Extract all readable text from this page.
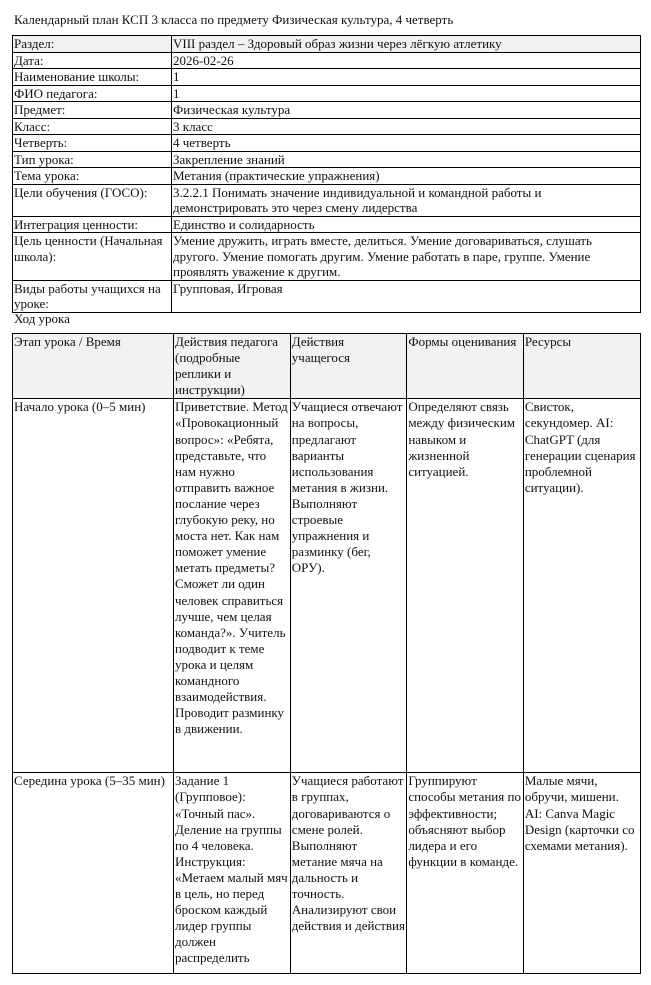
Календарный план КСП 3 класса по предмету Физическая культура, 4 четверть
Раздел:	VIII раздел – Здоровый образ жизни через лёгкую атлетику
Дата:	2026-02-26
Наименование школы:	1
ФИО педагога:	1
Предмет:	Физическая культура
Класс:	3 класс
Четверть:	4 четверть
Тип урока:	Закрепление знаний
Тема урока:	Метания (практические упражнения)
Цели обучения (ГОСО):	3.2.2.1 Понимать значение индивидуальной и командной работы и демонстрировать это через смену лидерства
Интеграция ценности:	Единство и солидарность
Цель ценности (Начальная школа):	Умение дружить, играть вместе, делиться. Умение договариваться, слушать другого. Умение помогать другим. Умение работать в паре, группе. Умение проявлять уважение к другим.
Виды работы учащихся на уроке:	Групповая, Игровая
Ход урока
Этап урока / Время	Действия педагога (подробные реплики и инструкции)	Действия учащегося	Формы оценивания	Ресурсы
Начало урока (0–5 мин)	Приветствие. Метод «Провокационный вопрос»: «Ребята, представьте, что нам нужно отправить важное послание через глубокую реку, но моста нет. Как нам поможет умение метать предметы? Сможет ли один человек справиться лучше, чем целая команда?». Учитель подводит к теме урока и целям командного взаимодействия. Проводит разминку в движении.	Учащиеся отвечают на вопросы, предлагают варианты использования метания в жизни. Выполняют строевые упражнения и разминку (бег, ОРУ).	Определяют связь между физическим навыком и жизненной ситуацией.	Свисток, секундомер. AI: ChatGPT (для генерации сценария проблемной ситуации).

Середина урока (5–35 мин)	Задание 1 (Групповое): «Точный пас». Деление на группы по 4 человека. Инструкция: «Метаем малый мяч в цель, но перед броском каждый лидер группы должен распределить	Учащиеся работают в группах, договариваются о смене ролей. Выполняют метание мяча на дальность и точность. Анализируют свои действия и действия	Группируют способы метания по эффективности; объясняют выбор лидера и его функции в команде.	Малые мячи, обручи, мишени. AI: Canva Magic Design (карточки со схемами метания).
